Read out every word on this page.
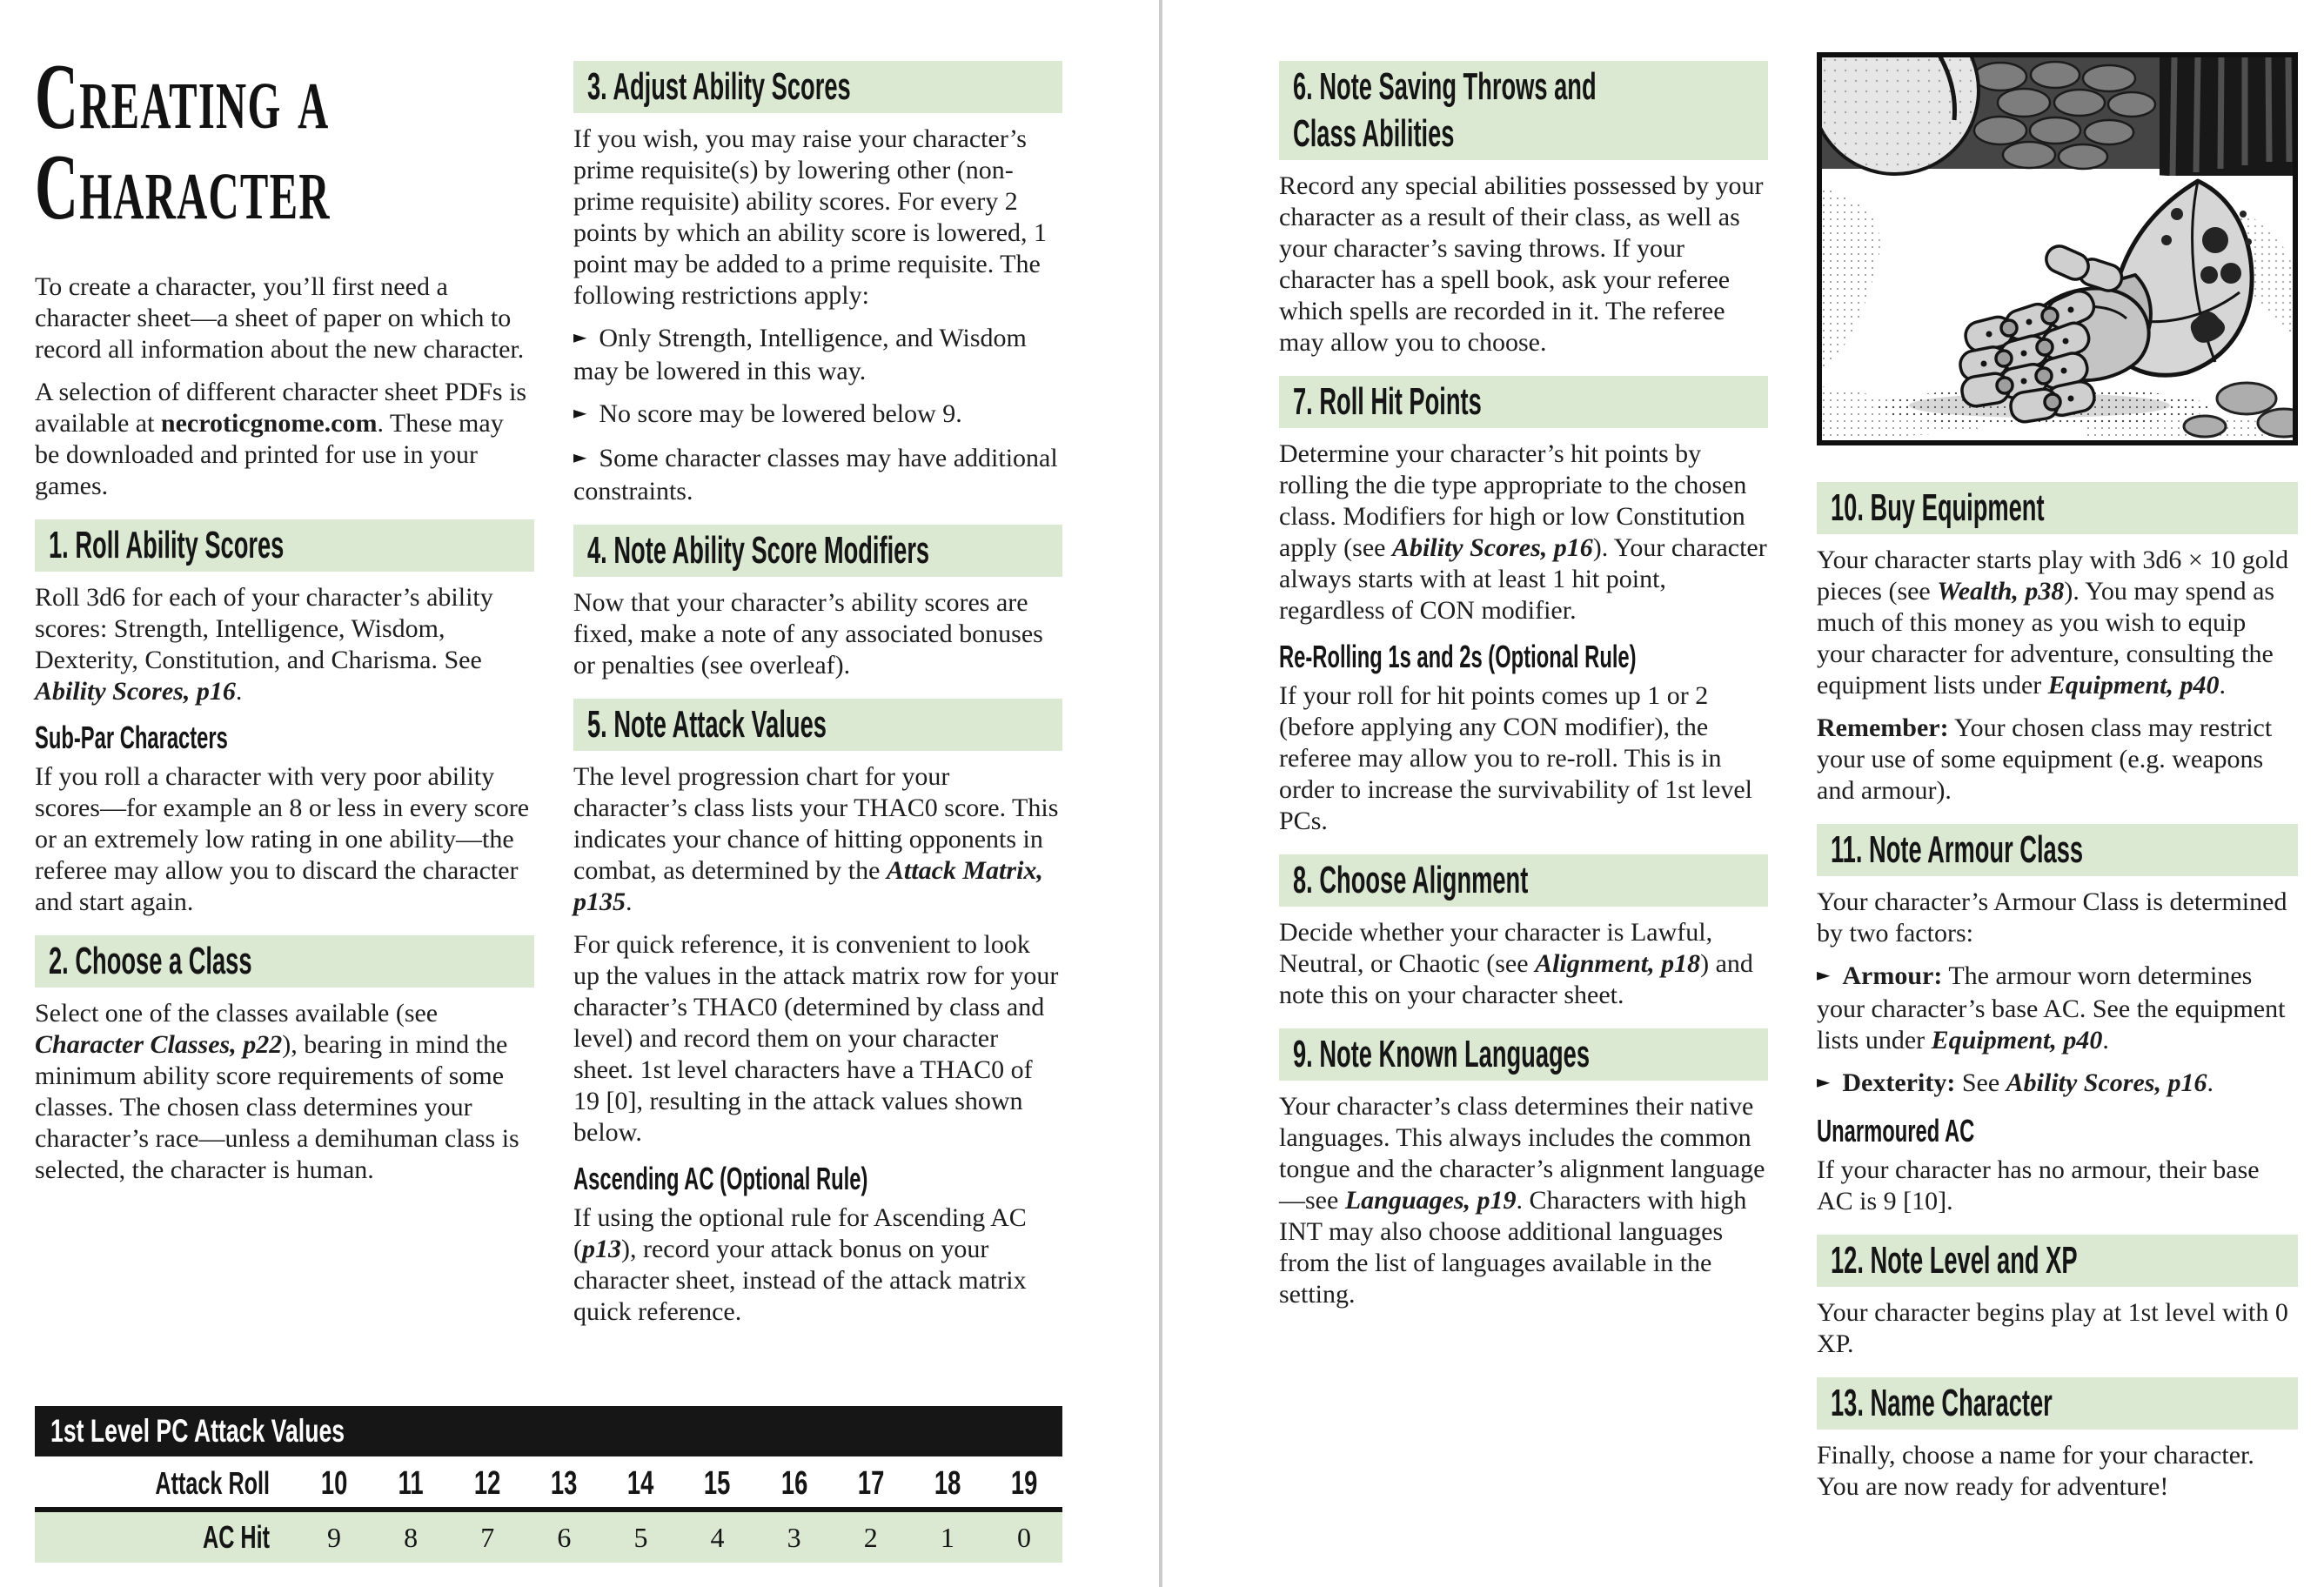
Creating a
Character

To create a character, you’ll first need a character sheet—a sheet of paper on which to record all information about the new character.

A selection of different character sheet PDFs is available at necroticgnome.com. These may be downloaded and printed for use in your games.

1. Roll Ability Scores

Roll 3d6 for each of your character’s ability scores: Strength, Intelligence, Wisdom, Dexterity, Constitution, and Charisma. See Ability Scores, p16.

Sub-Par Characters

If you roll a character with very poor ability scores—for example an 8 or less in every score or an extremely low rating in one ability—the referee may allow you to discard the character and start again.

2. Choose a Class

Select one of the classes available (see Character Classes, p22), bearing in mind the minimum ability score requirements of some classes. The chosen class determines your character’s race—unless a demihuman class is selected, the character is human.

3. Adjust Ability Scores

If you wish, you may raise your character’s prime requisite(s) by lowering other (non-prime requisite) ability scores. For every 2 points by which an ability score is lowered, 1 point may be added to a prime requisite. The following restrictions apply:

► Only Strength, Intelligence, and Wisdom may be lowered in this way.

► No score may be lowered below 9.

► Some character classes may have additional constraints.

4. Note Ability Score Modifiers

Now that your character’s ability scores are fixed, make a note of any associated bonuses or penalties (see overleaf).

5. Note Attack Values

The level progression chart for your character’s class lists your THAC0 score. This indicates your chance of hitting opponents in combat, as determined by the Attack Matrix, p135.

For quick reference, it is convenient to look up the values in the attack matrix row for your character’s THAC0 (determined by class and level) and record them on your character sheet. 1st level characters have a THAC0 of 19 [0], resulting in the attack values shown below.

Ascending AC (Optional Rule)

If using the optional rule for Ascending AC (p13), record your attack bonus on your character sheet, instead of the attack matrix quick reference.

1st Level PC Attack Values
Attack Roll	10	11	12	13	14	15	16	17	18	19
AC Hit	9	8	7	6	5	4	3	2	1	0
6. Note Saving Throws and
Class Abilities

Record any special abilities possessed by your character as a result of their class, as well as your character’s saving throws. If your character has a spell book, ask your referee which spells are recorded in it. The referee may allow you to choose.

7. Roll Hit Points

Determine your character’s hit points by rolling the die type appropriate to the chosen class. Modifiers for high or low Constitution apply (see Ability Scores, p16). Your character always starts with at least 1 hit point, regardless of CON modifier.

Re-Rolling 1s and 2s (Optional Rule)

If your roll for hit points comes up 1 or 2 (before applying any CON modifier), the referee may allow you to re-roll. This is in order to increase the survivability of 1st level PCs.

8. Choose Alignment

Decide whether your character is Lawful, Neutral, or Chaotic (see Alignment, p18) and note this on your character sheet.

9. Note Known Languages

Your character’s class determines their native languages. This always includes the common tongue and the character’s alignment language—see Languages, p19. Characters with high INT may also choose additional languages from the list of languages available in the setting.

10. Buy Equipment

Your character starts play with 3d6 × 10 gold pieces (see Wealth, p38). You may spend as much of this money as you wish to equip your character for adventure, consulting the equipment lists under Equipment, p40.

Remember: Your chosen class may restrict your use of some equipment (e.g. weapons and armour).

11. Note Armour Class

Your character’s Armour Class is determined by two factors:

► Armour: The armour worn determines your character’s base AC. See the equipment lists under Equipment, p40.

► Dexterity: See Ability Scores, p16.

Unarmoured AC

If your character has no armour, their base AC is 9 [10].

12. Note Level and XP

Your character begins play at 1st level with 0 XP.

13. Name Character

Finally, choose a name for your character. You are now ready for adventure!
